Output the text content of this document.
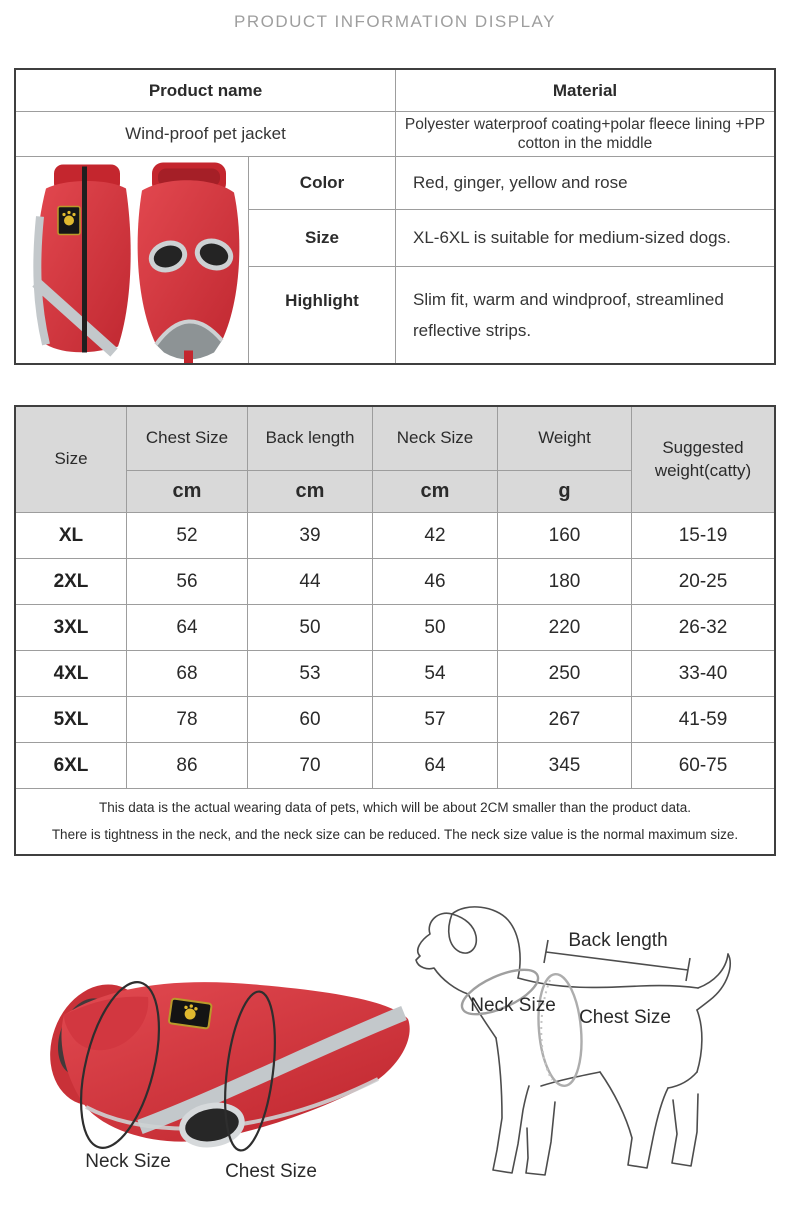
PRODUCT INFORMATION DISPLAY
Product name	Material
Wind-proof pet jacket	Polyester waterproof coating+polar fleece lining +PP cotton in the middle
Color	Red, ginger, yellow and rose
Size	XL-6XL is suitable for medium-sized dogs.
Highlight	Slim fit, warm and windproof, streamlined reflective strips.
Size
Chest Size	Back length	Neck Size	Weight
Suggested weight(catty)
cm	cm	cm	g
XL	52	39	42	160	15-19
2XL	56	44	46	180	20-25
3XL	64	50	50	220	26-32
4XL	68	53	54	250	33-40
5XL	78	60	57	267	41-59
6XL	86	70	64	345	60-75
This data is the actual wearing data of pets, which will be about 2CM smaller than the product data.
There is tightness in the neck, and the neck size can be reduced. The neck size value is the normal maximum size.
Neck Size	Chest Size
Back length
Neck Size
Chest Size
